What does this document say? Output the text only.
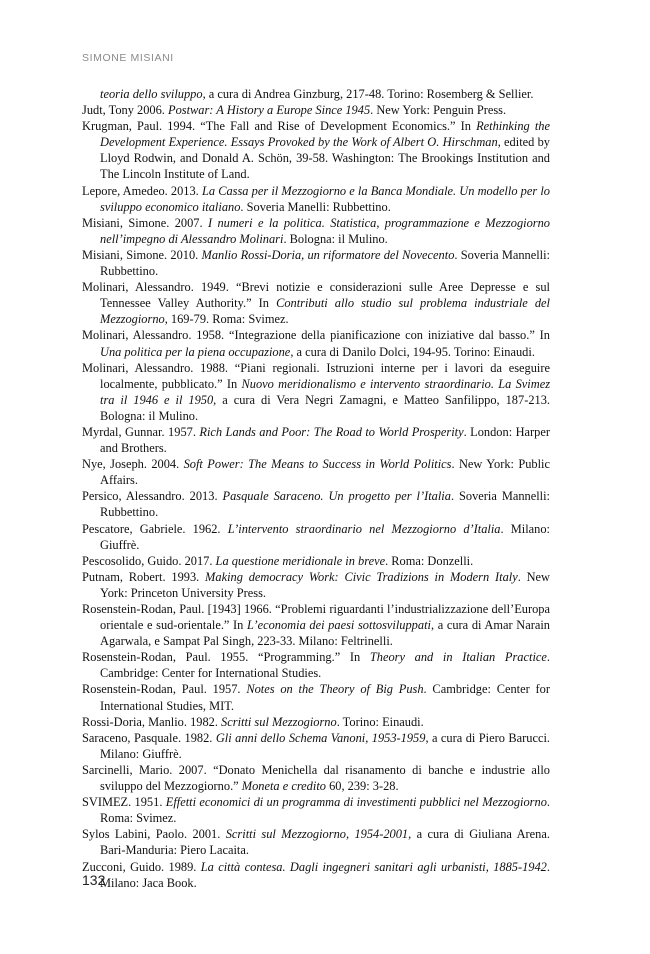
SIMONE MISIANI

teoria dello sviluppo, a cura di Andrea Ginzburg, 217-48. Torino: Rosemberg & Sellier.

Judt, Tony 2006. Postwar: A History a Europe Since 1945. New York: Penguin Press.

Krugman, Paul. 1994. “The Fall and Rise of Development Economics.” In Rethinking the Development Experience. Essays Provoked by the Work of Albert O. Hirschman, edited by Lloyd Rodwin, and Donald A. Schön, 39-58. Washington: The Brookings Institution and The Lincoln Institute of Land.

Lepore, Amedeo. 2013. La Cassa per il Mezzogiorno e la Banca Mondiale. Un modello per lo sviluppo economico italiano. Soveria Manelli: Rubbettino.

Misiani, Simone. 2007. I numeri e la politica. Statistica, programmazione e Mezzogiorno nell’impegno di Alessandro Molinari. Bologna: il Mulino.

Misiani, Simone. 2010. Manlio Rossi-Doria, un riformatore del Novecento. Soveria Mannelli: Rubbettino.

Molinari, Alessandro. 1949. “Brevi notizie e considerazioni sulle Aree Depresse e sul Tennessee Valley Authority.” In Contributi allo studio sul problema industriale del Mezzogiorno, 169-79. Roma: Svimez.

Molinari, Alessandro. 1958. “Integrazione della pianificazione con iniziative dal basso.” In Una politica per la piena occupazione, a cura di Danilo Dolci, 194-95. Torino: Einaudi.

Molinari, Alessandro. 1988. “Piani regionali. Istruzioni interne per i lavori da eseguire localmente, pubblicato.” In Nuovo meridionalismo e intervento straordinario. La Svimez tra il 1946 e il 1950, a cura di Vera Negri Zamagni, e Matteo Sanfilippo, 187-213. Bologna: il Mulino.

Myrdal, Gunnar. 1957. Rich Lands and Poor: The Road to World Prosperity. London: Harper and Brothers.

Nye, Joseph. 2004. Soft Power: The Means to Success in World Politics. New York: Public Affairs.

Persico, Alessandro. 2013. Pasquale Saraceno. Un progetto per l’Italia. Soveria Mannelli: Rubbettino.

Pescatore, Gabriele. 1962. L’intervento straordinario nel Mezzogiorno d’Italia. Milano: Giuffrè.

Pescosolido, Guido. 2017. La questione meridionale in breve. Roma: Donzelli.

Putnam, Robert. 1993. Making democracy Work: Civic Tradizions in Modern Italy. New York: Princeton University Press.

Rosenstein-Rodan, Paul. [1943] 1966. “Problemi riguardanti l’industrializzazione dell’Europa orientale e sud-orientale.” In L’economia dei paesi sottosviluppati, a cura di Amar Narain Agarwala, e Sampat Pal Singh, 223-33. Milano: Feltrinelli.

Rosenstein-Rodan, Paul. 1955. “Programming.” In Theory and in Italian Practice. Cambridge: Center for International Studies.

Rosenstein-Rodan, Paul. 1957. Notes on the Theory of Big Push. Cambridge: Center for International Studies, MIT.

Rossi-Doria, Manlio. 1982. Scritti sul Mezzogiorno. Torino: Einaudi.

Saraceno, Pasquale. 1982. Gli anni dello Schema Vanoni, 1953-1959, a cura di Piero Barucci. Milano: Giuffrè.

Sarcinelli, Mario. 2007. “Donato Menichella dal risanamento di banche e industrie allo sviluppo del Mezzogiorno.” Moneta e credito 60, 239: 3-28.

SVIMEZ. 1951. Effetti economici di un programma di investimenti pubblici nel Mezzogiorno. Roma: Svimez.

Sylos Labini, Paolo. 2001. Scritti sul Mezzogiorno, 1954-2001, a cura di Giuliana Arena. Bari-Manduria: Piero Lacaita.

Zucconi, Guido. 1989. La città contesa. Dagli ingegneri sanitari agli urbanisti, 1885-1942. Milano: Jaca Book.

132
